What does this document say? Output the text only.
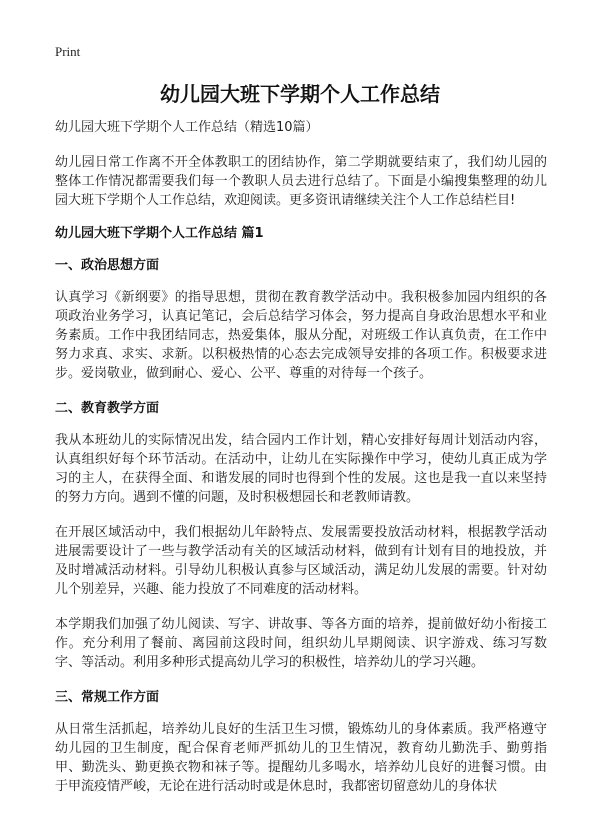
Print
幼儿园大班下学期个人工作总结

幼儿园大班下学期个人工作总结（精选10篇）

幼儿园日常工作离不开全体教职工的团结协作，第二学期就要结束了，我们幼儿园的整体工作情况都需要我们每一个教职人员去进行总结了。下面是小编搜集整理的幼儿园大班下学期个人工作总结，欢迎阅读。更多资讯请继续关注个人工作总结栏目!

幼儿园大班下学期个人工作总结 篇1
一、政治思想方面

认真学习《新纲要》的指导思想，贯彻在教育教学活动中。我积极参加园内组织的各项政治业务学习，认真记笔记，会后总结学习体会，努力提高自身政治思想水平和业务素质。工作中我团结同志，热爱集体，服从分配，对班级工作认真负责，在工作中努力求真、求实、求新。以积极热情的心态去完成领导安排的各项工作。积极要求进步。爱岗敬业，做到耐心、爱心、公平、尊重的对待每一个孩子。

二、教育教学方面

我从本班幼儿的实际情况出发，结合园内工作计划，精心安排好每周计划活动内容，认真组织好每个环节活动。在活动中，让幼儿在实际操作中学习，使幼儿真正成为学习的主人，在获得全面、和谐发展的同时也得到个性的发展。这也是我一直以来坚持的努力方向。遇到不懂的问题，及时积极想园长和老教师请教。

在开展区域活动中，我们根据幼儿年龄特点、发展需要投放活动材料，根据教学活动进展需要设计了一些与教学活动有关的区域活动材料，做到有计划有目的地投放，并及时增减活动材料。引导幼儿积极认真参与区域活动，满足幼儿发展的需要。针对幼儿个别差异，兴趣、能力投放了不同难度的活动材料。

本学期我们加强了幼儿阅读、写字、讲故事、等各方面的培养，提前做好幼小衔接工作。充分利用了餐前、离园前这段时间，组织幼儿早期阅读、识字游戏、练习写数字、等活动。利用多种形式提高幼儿学习的积极性，培养幼儿的学习兴趣。

三、常规工作方面

从日常生活抓起，培养幼儿良好的生活卫生习惯，锻炼幼儿的身体素质。我严格遵守幼儿园的卫生制度，配合保育老师严抓幼儿的卫生情况，教育幼儿勤洗手、勤剪指甲、勤洗头、勤更换衣物和袜子等。提醒幼儿多喝水，培养幼儿良好的进餐习惯。由于甲流疫情严峻，无论在进行活动时或是休息时，我都密切留意幼儿的身体状
